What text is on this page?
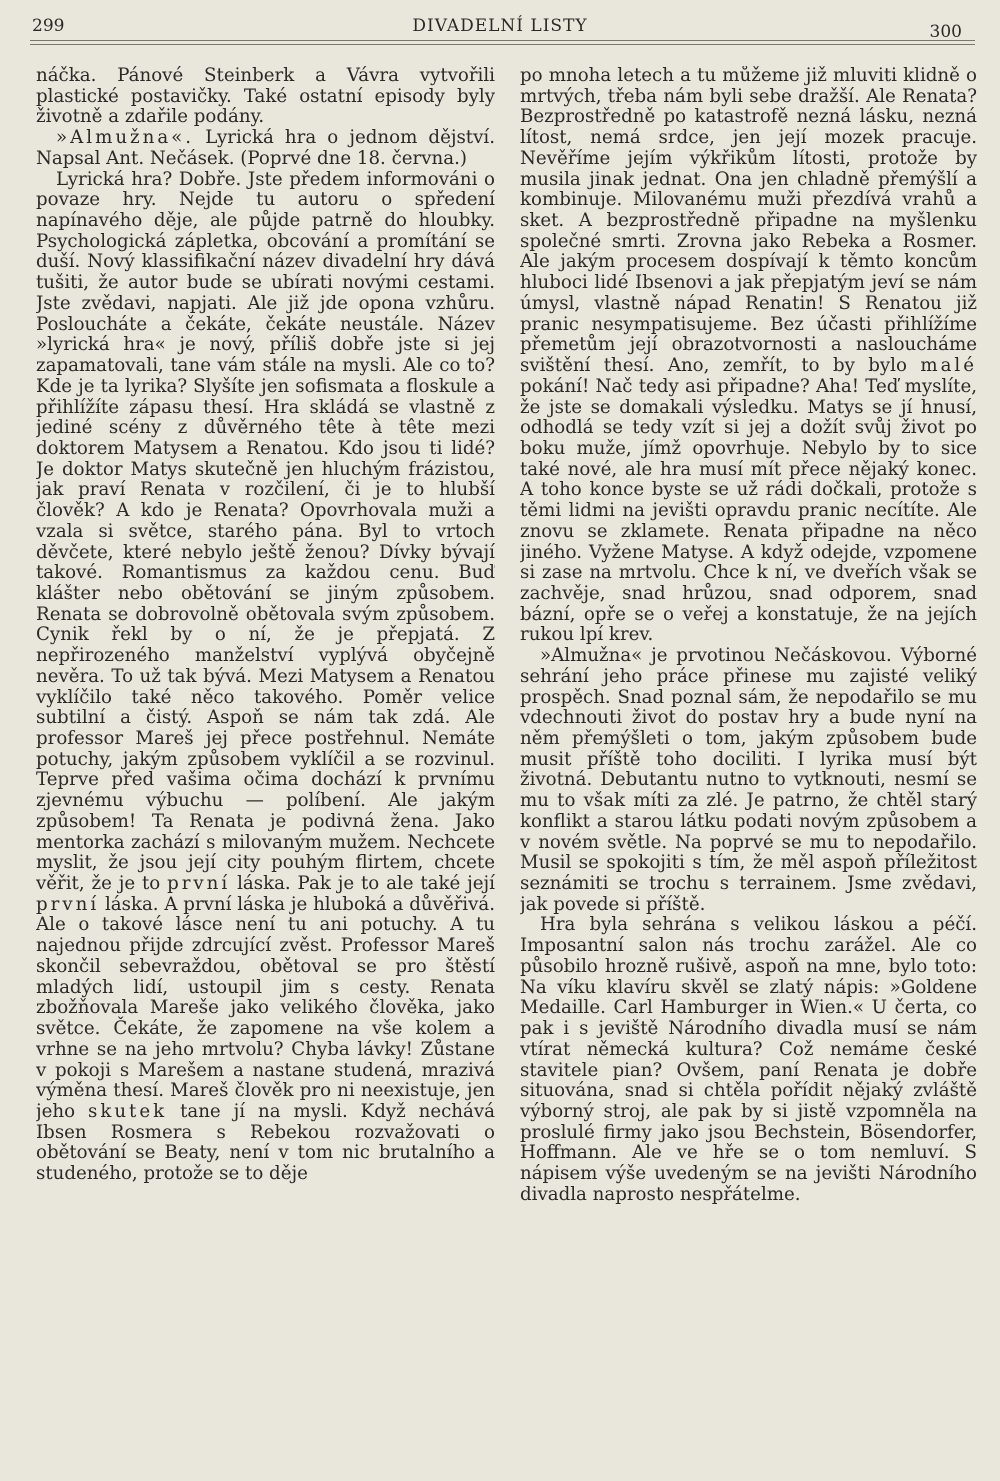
299	DIVADELNÍ LISTY	300

náčka. Pánové Steinberk a Vávra vytvořili plastické postavičky. Také ostatní episody byly životně a zdařile podány.

»Almužna«. Lyrická hra o jednom dějství. Napsal Ant. Nečásek. (Poprvé dne 18. června.)

Lyrická hra? Dobře. Jste předem informováni o povaze hry. Nejde tu autoru o spředení napínavého děje, ale půjde patrně do hloubky. Psychologická zápletka, obcování a promítání se duší. Nový klassifikační název divadelní hry dává tušiti, že autor bude se ubírati novými cestami. Jste zvědavi, napjati. Ale již jde opona vzhůru. Posloucháte a čekáte, čekáte neustále. Název »lyrická hra« je nový, příliš dobře jste si jej zapamatovali, tane vám stále na mysli. Ale co to? Kde je ta lyrika? Slyšíte jen sofismata a floskule a přihlížíte zápasu thesí. Hra skládá se vlastně z jediné scény z důvěrného tête à tête mezi doktorem Matysem a Renatou. Kdo jsou ti lidé? Je doktor Matys skutečně jen hluchým frázistou, jak praví Renata v rozčilení, či je to hlubší člověk? A kdo je Renata? Opovrhovala muži a vzala si světce, starého pána. Byl to vrtoch děvčete, které nebylo ještě ženou? Dívky bývají takové. Romantismus za každou cenu. Buď klášter nebo obětování se jiným způsobem. Renata se dobrovolně obětovala svým způsobem. Cynik řekl by o ní, že je přepjatá. Z nepřirozeného manželství vyplývá obyčejně nevěra. To už tak bývá. Mezi Matysem a Renatou vyklíčilo také něco takového. Poměr velice subtilní a čistý. Aspoň se nám tak zdá. Ale professor Mareš jej přece postřehnul. Nemáte potuchy, jakým způsobem vyklíčil a se rozvinul. Teprve před vašima očima dochází k prvnímu zjevnému výbuchu — políbení. Ale jakým způsobem! Ta Renata je podivná žena. Jako mentorka zachází s milovaným mužem. Nechcete myslit, že jsou její city pouhým flirtem, chcete věřit, že je to první láska. Pak je to ale také její první láska. A první láska je hluboká a důvěřivá. Ale o takové lásce není tu ani potuchy. A tu najednou přijde zdrcující zvěst. Professor Mareš skončil sebevraždou, obětoval se pro štěstí mladých lidí, ustoupil jim s cesty. Renata zbožňovala Mareše jako velikého člověka, jako světce. Čekáte, že zapomene na vše kolem a vrhne se na jeho mrtvolu? Chyba lávky! Zůstane v pokoji s Marešem a nastane studená, mrazivá výměna thesí. Mareš člověk pro ni neexistuje, jen jeho skutek tane jí na mysli. Když nechává Ibsen Rosmera s Rebekou rozvažovati o obětování se Beaty, není v tom nic brutalního a studeného, protože se to děje

po mnoha letech a tu můžeme již mluviti klidně o mrtvých, třeba nám byli sebe dražší. Ale Renata? Bezprostředně po katastrofě nezná lásku, nezná lítost, nemá srdce, jen její mozek pracuje. Nevěříme jejím výkřikům lítosti, protože by musila jinak jednat. Ona jen chladně přemýšlí a kombinuje. Milovanému muži přezdívá vrahů a sket. A bezprostředně připadne na myšlenku společné smrti. Zrovna jako Rebeka a Rosmer. Ale jakým procesem dospívají k těmto koncům hluboci lidé Ibsenovi a jak přepjatým jeví se nám úmysl, vlastně nápad Renatin! S Renatou již pranic nesympatisujeme. Bez účasti přihlížíme přemetům její obrazotvornosti a nasloucháme svištění thesí. Ano, zemřít, to by bylo malé pokání! Nač tedy asi připadne? Aha! Teď myslíte, že jste se domakali výsledku. Matys se jí hnusí, odhodlá se tedy vzít si jej a dožít svůj život po boku muže, jímž opovrhuje. Nebylo by to sice také nové, ale hra musí mít přece nějaký konec. A toho konce byste se už rádi dočkali, protože s těmi lidmi na jevišti opravdu pranic necítíte. Ale znovu se zklamete. Renata připadne na něco jiného. Vyžene Matyse. A když odejde, vzpomene si zase na mrtvolu. Chce k ní, ve dveřích však se zachvěje, snad hrůzou, snad odporem, snad bázní, opře se o veřej a konstatuje, že na jejích rukou lpí krev.

»Almužna« je prvotinou Nečáskovou. Výborné sehrání jeho práce přinese mu zajisté veliký prospěch. Snad poznal sám, že nepodařilo se mu vdechnouti život do postav hry a bude nyní na něm přemýšleti o tom, jakým způsobem bude musit příště toho dociliti. I lyrika musí být životná. Debutantu nutno to vytknouti, nesmí se mu to však míti za zlé. Je patrno, že chtěl starý konflikt a starou látku podati novým způsobem a v novém světle. Na poprvé se mu to nepodařilo. Musil se spokojiti s tím, že měl aspoň příležitost seznámiti se trochu s terrainem. Jsme zvědavi, jak povede si příště.

Hra byla sehrána s velikou láskou a péčí. Imposantní salon nás trochu zarážel. Ale co působilo hrozně rušivě, aspoň na mne, bylo toto: Na víku klavíru skvěl se zlatý nápis: »Goldene Medaille. Carl Hamburger in Wien.« U čerta, co pak i s jeviště Národního divadla musí se nám vtírat německá kultura? Což nemáme české stavitele pian? Ovšem, paní Renata je dobře situována, snad si chtěla pořídit nějaký zvláště výborný stroj, ale pak by si jistě vzpomněla na proslulé firmy jako jsou Bechstein, Bösendorfer, Hoffmann. Ale ve hře se o tom nemluví. S nápisem výše uvedeným se na jevišti Národního divadla naprosto nespřátelme.
